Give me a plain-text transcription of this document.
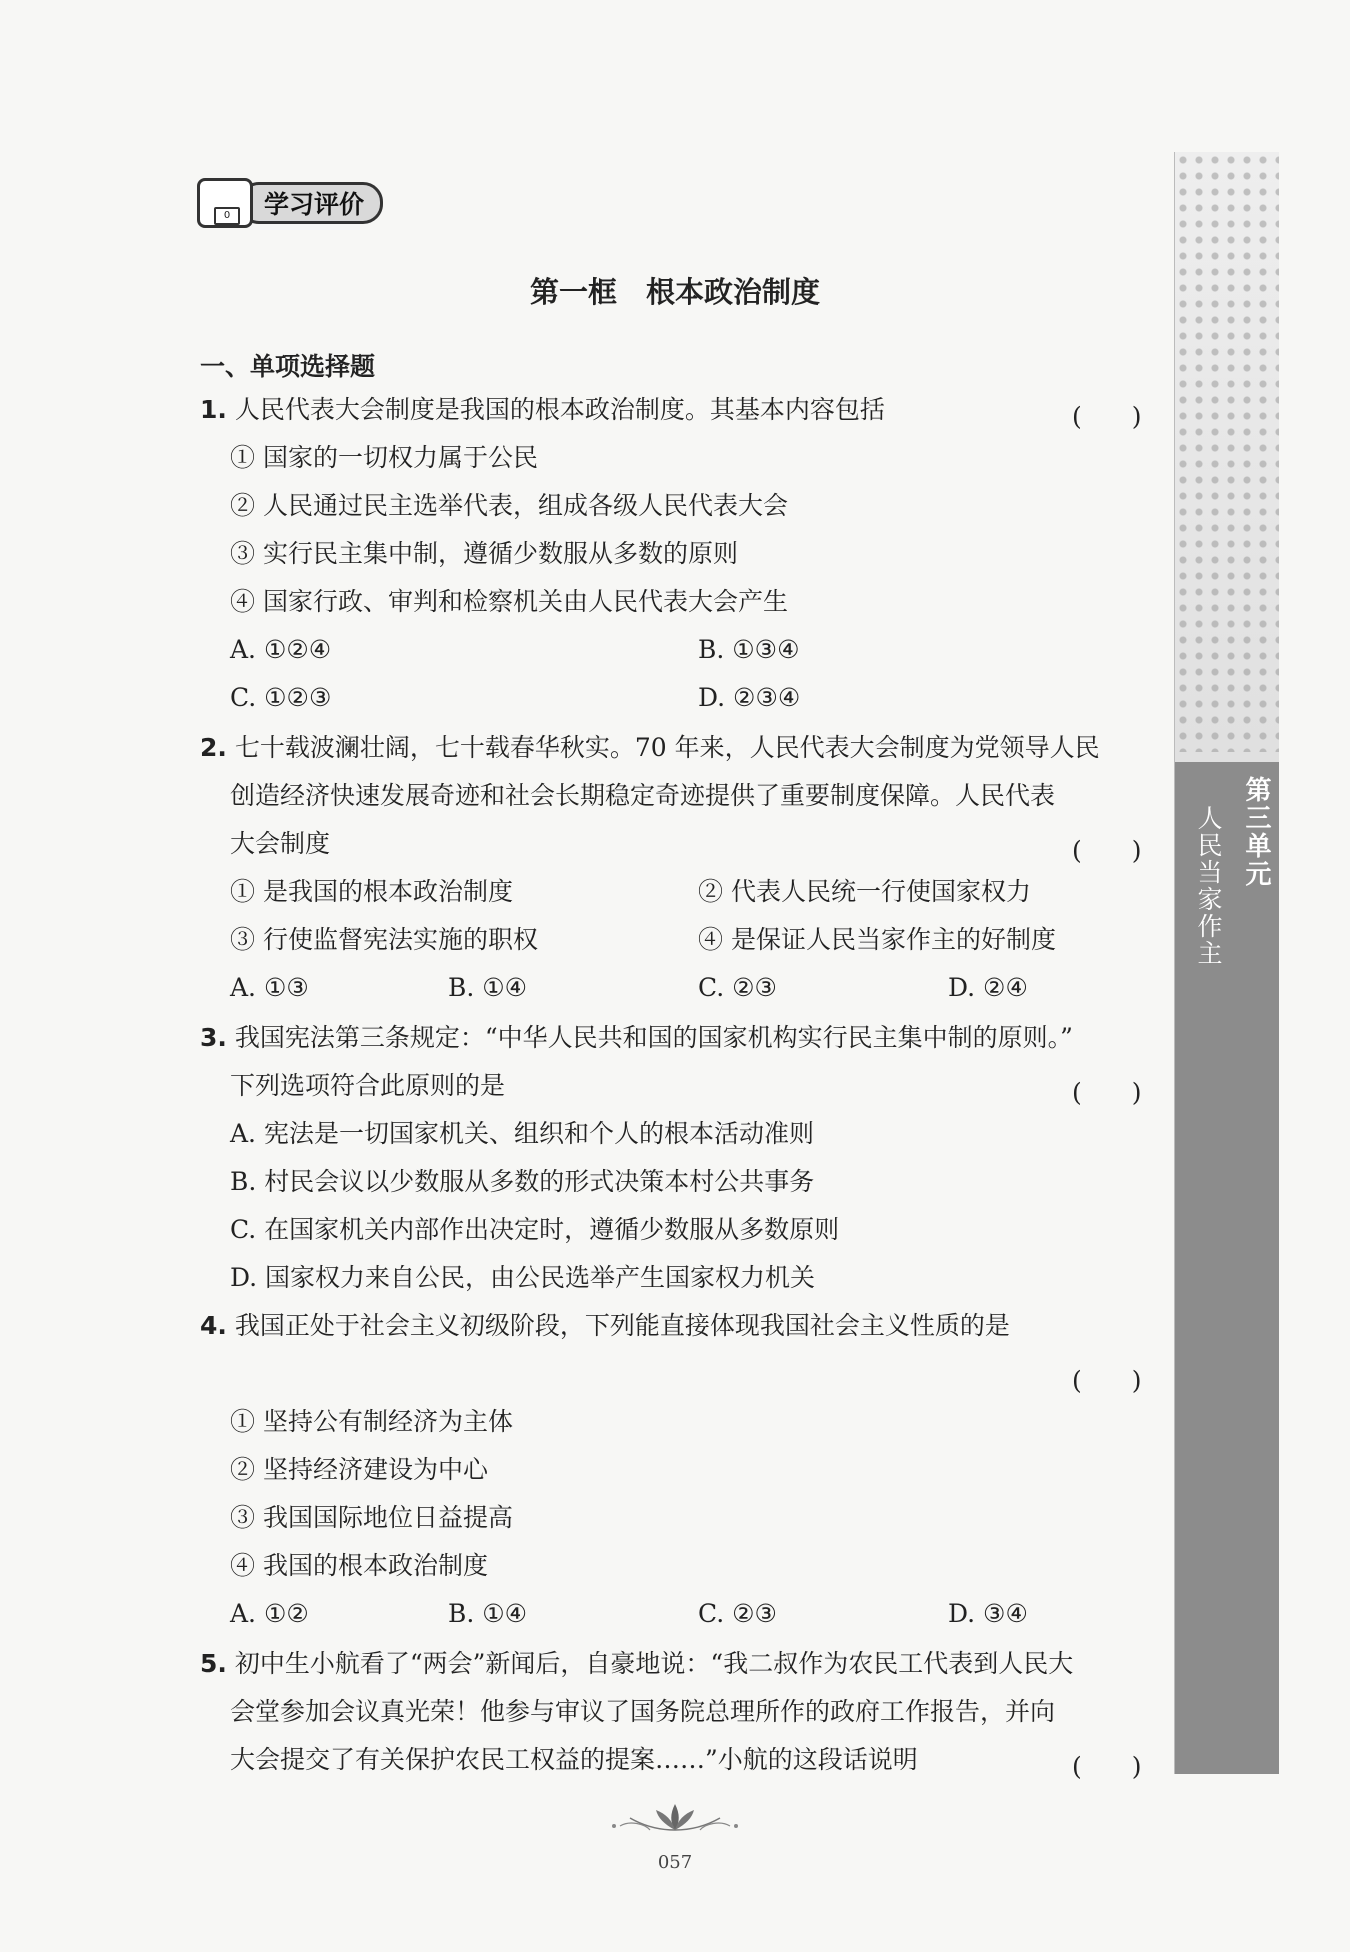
0	学习评价
第三单元
人民当家作主
第一框　根本政治制度
一、单项选择题
1. 人民代表大会制度是我国的根本政治制度。其基本内容包括	(　　)
① 国家的一切权力属于公民
② 人民通过民主选举代表，组成各级人民代表大会
③ 实行民主集中制，遵循少数服从多数的原则
④ 国家行政、审判和检察机关由人民代表大会产生
A. ①②④	B. ①③④
C. ①②③	D. ②③④
2. 七十载波澜壮阔，七十载春华秋实。70 年来，人民代表大会制度为党领导人民
创造经济快速发展奇迹和社会长期稳定奇迹提供了重要制度保障。人民代表
大会制度	(　　)
① 是我国的根本政治制度	② 代表人民统一行使国家权力
③ 行使监督宪法实施的职权	④ 是保证人民当家作主的好制度
A. ①③	B. ①④	C. ②③	D. ②④
3. 我国宪法第三条规定：“中华人民共和国的国家机构实行民主集中制的原则。”
下列选项符合此原则的是	(　　)
A. 宪法是一切国家机关、组织和个人的根本活动准则
B. 村民会议以少数服从多数的形式决策本村公共事务
C. 在国家机关内部作出决定时，遵循少数服从多数原则
D. 国家权力来自公民，由公民选举产生国家权力机关
4. 我国正处于社会主义初级阶段，下列能直接体现我国社会主义性质的是
(　　)
① 坚持公有制经济为主体
② 坚持经济建设为中心
③ 我国国际地位日益提高
④ 我国的根本政治制度
A. ①②	B. ①④	C. ②③	D. ③④
5. 初中生小航看了“两会”新闻后，自豪地说：“我二叔作为农民工代表到人民大
会堂参加会议真光荣！他参与审议了国务院总理所作的政府工作报告，并向
大会提交了有关保护农民工权益的提案……”小航的这段话说明	(　　)
057
